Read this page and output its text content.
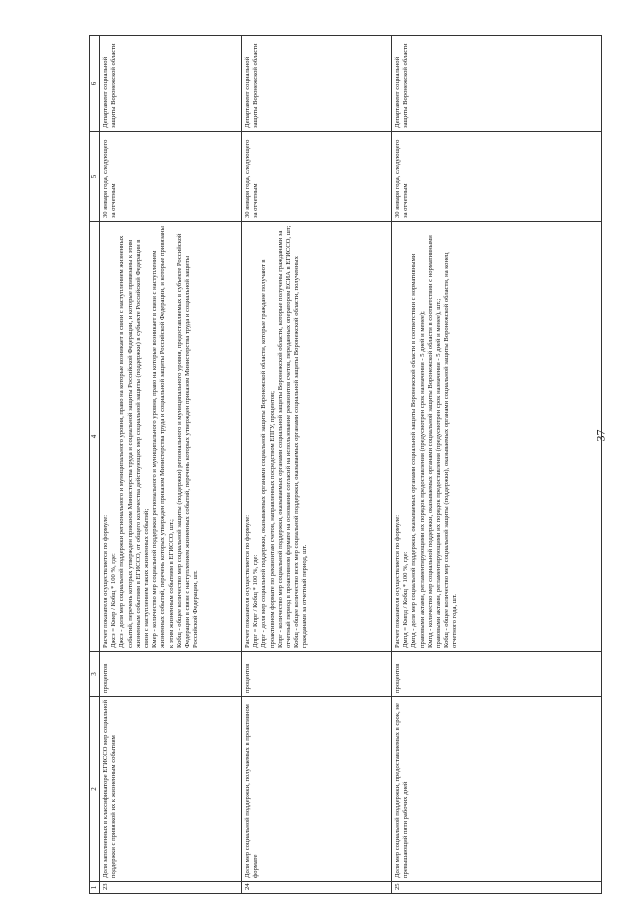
37
1	2	3	4	5	6
23	Доля заполненных в классификаторе ЕГИССО мер социальной поддержки с привязкой их к жизненным событиям	процентов	Расчет показателя осуществляется по формуле: Джсз = Кмер / Кобщ * 100 %, где: Джсз - доля мер социальной поддержки регионального и муниципального уровня, право на которые возникает в связи с наступлением жизненных событий, перечень которых утвержден приказом Министерства труда и социальной защиты Российской Федерации, и которые привязаны к этим жизненным событиям в ЕГИССО, от общего количества действующих мер социальной защиты (поддержки) в субъекте Российской Федерации в связи с наступлением таких жизненных событий; Кмер - количество мер социальной поддержки регионального и муниципального уровня, право на которые возникает в связи с наступлением жизненных событий, перечень которых утвержден приказом Министерства труда и социальной защиты Российской Федерации, и которые привязаны к этим жизненным событиям в ЕГИССО, шт.; Кобщ - общее количество мер социальной защиты (поддержки) регионального и муниципального уровня, предоставляемых в субъекте Российской Федерации в связи с наступлением жизненных событий, перечень которых утвержден приказом Министерства труда и социальной защиты Российской Федерации, шт.	30 января года, следующего за отчетным	Департамент социальной защиты Воронежской области
24	Доля мер социальной поддержки, получаемых в проактивном формате	процентов	Расчет показателя осуществляется по формуле: Дпрг = Кпрг / Кобщ * 100 %, где: Дпрг - доля мер социальной поддержки, оказываемых органами социальной защиты Воронежской области, которые граждане получают в проактивном формате по реквизитам счетов, направленных посредством ЕПГУ, процентов; Кпрг - количество мер социальной поддержки, оказываемых органами социальной защиты Воронежской области, которые получены гражданами за отчетный период в проактивном формате на основании согласий на использование реквизитов счетов, переданных оператором ЕСИА в ЕГИССО, шт; Кобщ - общее количество всех мер социальной поддержки, оказываемых органами социальной защиты Воронежской области, полученных гражданами за отчетный период, шт.	30 января года, следующего за отчетным	Департамент социальной защиты Воронежской области
25	Доля мер социальной поддержки, предоставляемых в срок, не превышающий пяти рабочих дней	процентов	Расчет показателя осуществляется по формуле: Дмпд = Кмпд / Кобщ * 100 %, где: Дмпд - доля мер социальной поддержки, оказываемых органами социальной защиты Воронежской области в соответствии с нормативными правовыми актами, регламентирующими их порядок предоставления (предусмотрен срок назначения - 5 дней и менее); Кмпд - количество мер социальной поддержки, оказываемых органами социальной защиты Воронежской области в соответствии с нормативными правовыми актами, регламентирующими их порядок предоставления (предусмотрен срок назначения - 5 дней и менее), шт.; Кобщ - общее количество мер социальной защиты (поддержки), оказываемых органами социальной защиты Воронежской области, на конец отчетного года, шт.	30 января года, следующего за отчетным	Департамент социальной защиты Воронежской области
